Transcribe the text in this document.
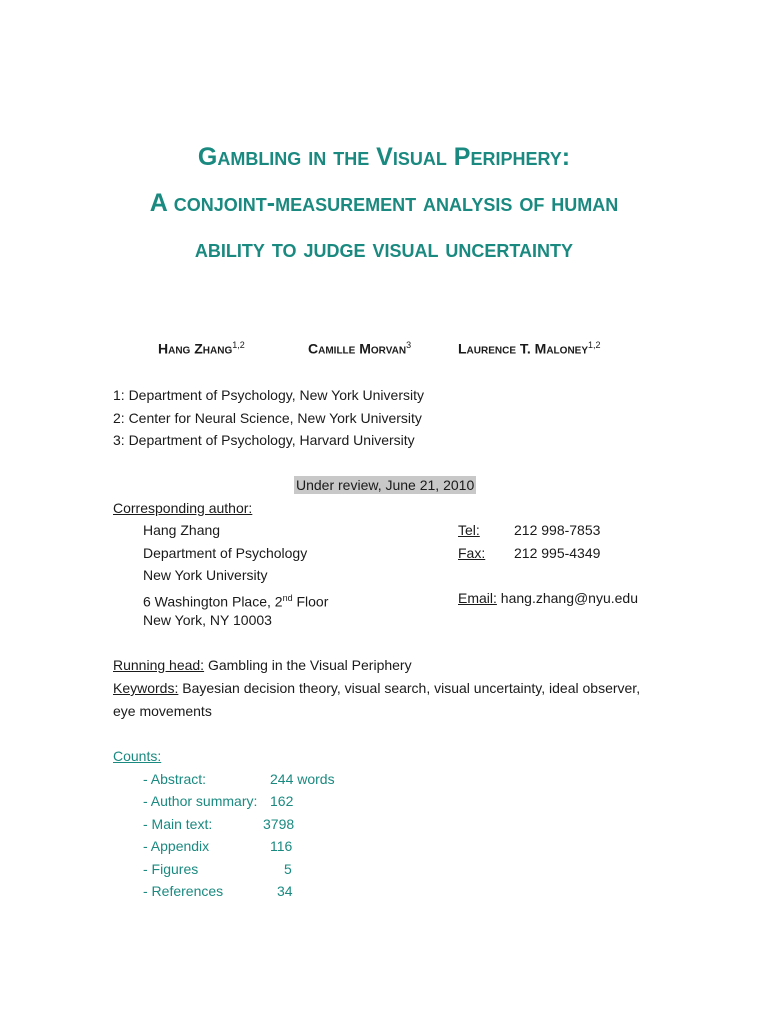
Gambling in the Visual Periphery:
A conjoint-measurement analysis of human
ability to judge visual uncertainty
Hang Zhang$^{1,2}$	Camille Morvan$^3$	Laurence T. Maloney$^{1,2}$
1: Department of Psychology, New York University
2: Center for Neural Science, New York University
3: Department of Psychology, Harvard University
Under review, June 21, 2010
Corresponding author:
Hang Zhang
Department of Psychology
New York University
6 Washington Place, 2nd Floor
New York, NY 10003
Tel: 212 998-7853
Fax: 212 995-4349
Email: hang.zhang@nyu.edu
Running head: Gambling in the Visual Periphery
Keywords: Bayesian decision theory, visual search, visual uncertainty, ideal observer,
eye movements
Counts:
- Abstract:	244 words
- Author summary: 162
- Main text:	3798
- Appendix	116
- Figures	5
- References	34
